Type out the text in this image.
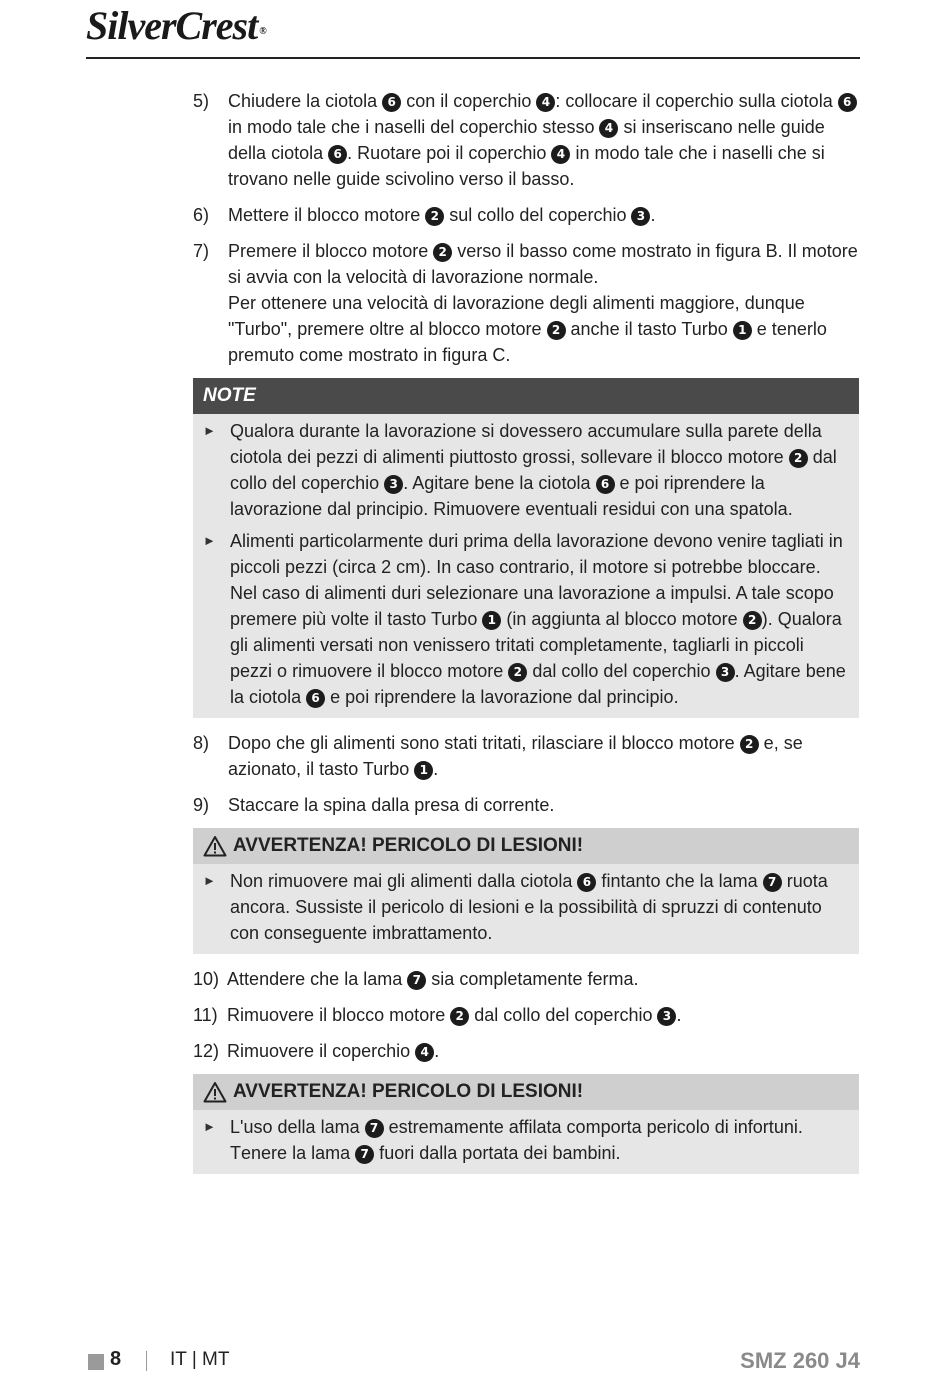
SilverCrest ®
5)	Chiudere la ciotola 6 con il coperchio 4 : collocare il coperchio sulla ciotola 6 in modo tale che i naselli del coperchio stesso 4 si inseriscano nelle guide della ciotola 6 . Ruotare poi il coperchio 4 in modo tale che i naselli che si trovano nelle guide scivolino verso il basso.
6)	Mettere il blocco motore 2 sul collo del coperchio 3 .
7)	Premere il blocco motore 2 verso il basso come mostrato in figura B. Il motore si avvia con la velocità di lavorazione normale.
Per ottenere una velocità di lavorazione degli alimenti maggiore, dunque "Turbo", premere oltre al blocco motore 2 anche il tasto Turbo 1 e tenerlo premuto come mostrato in figura C.
NOTE
► Qualora durante la lavorazione si dovessero accumulare sulla parete della ciotola dei pezzi di alimenti piuttosto grossi, sollevare il blocco motore 2 dal collo del coperchio 3 . Agitare bene la ciotola 6 e poi riprendere la lavorazione dal principio. Rimuovere eventuali residui con una spatola.
► Alimenti particolarmente duri prima della lavorazione devono venire tagliati in piccoli pezzi (circa 2 cm). In caso contrario, il motore si potrebbe bloccare.
Nel caso di alimenti duri selezionare una lavorazione a impulsi. A tale scopo premere più volte il tasto Turbo 1 (in aggiunta al blocco motore 2 ). Qualora gli alimenti versati non venissero tritati completamente, tagliarli in piccoli pezzi o rimuovere il blocco motore 2 dal collo del coperchio 3 . Agitare bene la ciotola 6 e poi riprendere la lavorazione dal principio.
8)	Dopo che gli alimenti sono stati tritati, rilasciare il blocco motore 2 e, se azionato, il tasto Turbo 1 .
9)	Staccare la spina dalla presa di corrente.
AVVERTENZA! PERICOLO DI LESIONI!
► Non rimuovere mai gli alimenti dalla ciotola 6 fintanto che la lama 7 ruota ancora. Sussiste il pericolo di lesioni e la possibilità di spruzzi di contenuto con conseguente imbrattamento.
10) Attendere che la lama 7 sia completamente ferma.
11) Rimuovere il blocco motore 2 dal collo del coperchio 3 .
12) Rimuovere il coperchio 4 .
AVVERTENZA! PERICOLO DI LESIONI!
► L'uso della lama 7 estremamente affilata comporta pericolo di infortuni. Tenere la lama 7 fuori dalla portata dei bambini.
8	IT | MT	SMZ 260 J4
